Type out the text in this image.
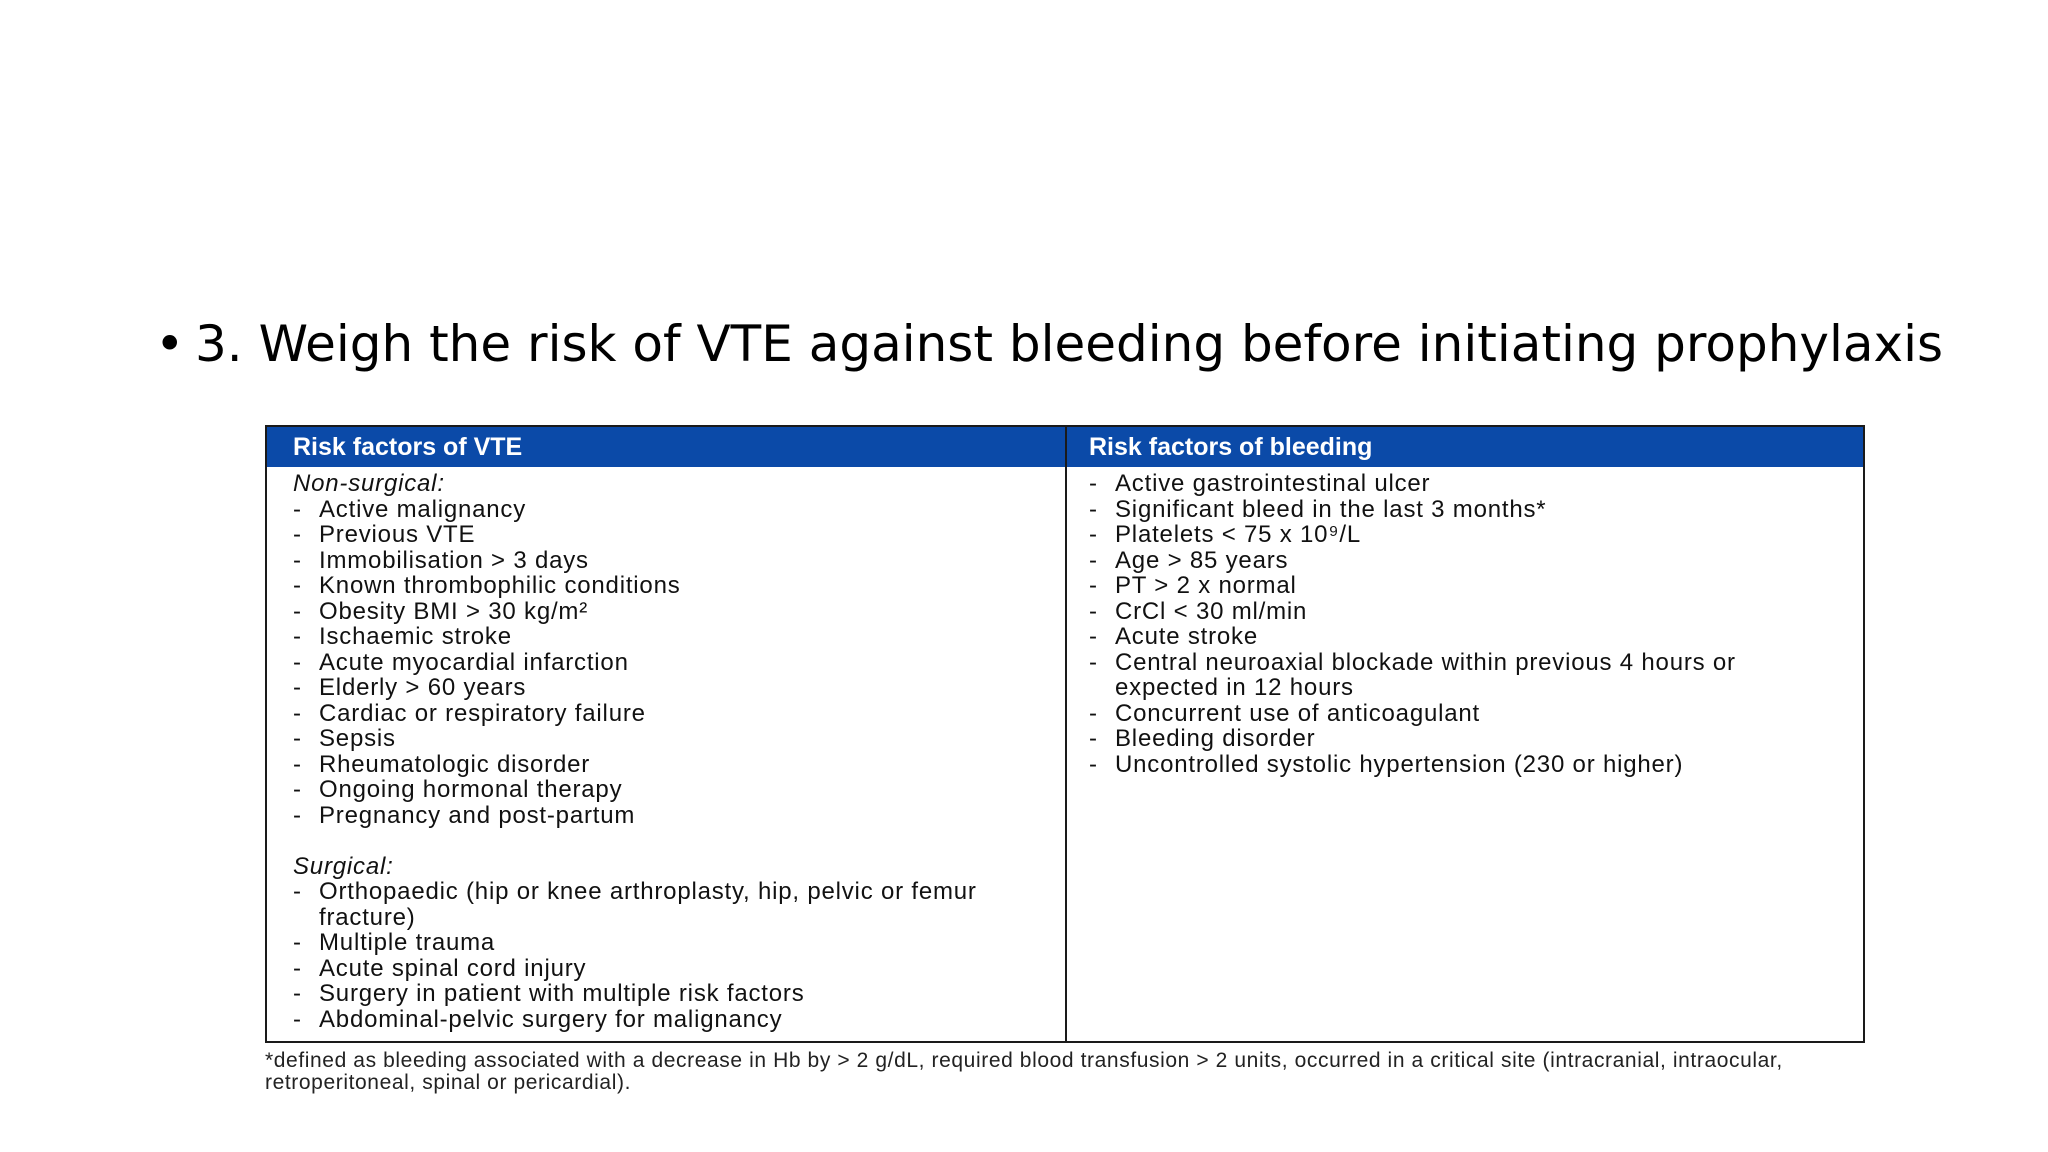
• 3. Weigh the risk of VTE against bleeding before initiating prophylaxis
Risk factors of VTE	Risk factors of bleeding
Non-surgical:
- Active malignancy
- Previous VTE
- Immobilisation > 3 days
- Known thrombophilic conditions
- Obesity BMI > 30 kg/m²
- Ischaemic stroke
- Acute myocardial infarction
- Elderly > 60 years
- Cardiac or respiratory failure
- Sepsis
- Rheumatologic disorder
- Ongoing hormonal therapy
- Pregnancy and post-partum
Surgical:
- Orthopaedic (hip or knee arthroplasty, hip, pelvic or femur fracture)
- Multiple trauma
- Acute spinal cord injury
- Surgery in patient with multiple risk factors
- Abdominal-pelvic surgery for malignancy
- Active gastrointestinal ulcer
- Significant bleed in the last 3 months*
- Platelets < 75 x 10⁹/L
- Age > 85 years
- PT > 2 x normal
- CrCl < 30 ml/min
- Acute stroke
- Central neuroaxial blockade within previous 4 hours or expected in 12 hours
- Concurrent use of anticoagulant
- Bleeding disorder
- Uncontrolled systolic hypertension (230 or higher)
*defined as bleeding associated with a decrease in Hb by > 2 g/dL, required blood transfusion > 2 units, occurred in a critical site (intracranial, intraocular, retroperitoneal, spinal or pericardial).
